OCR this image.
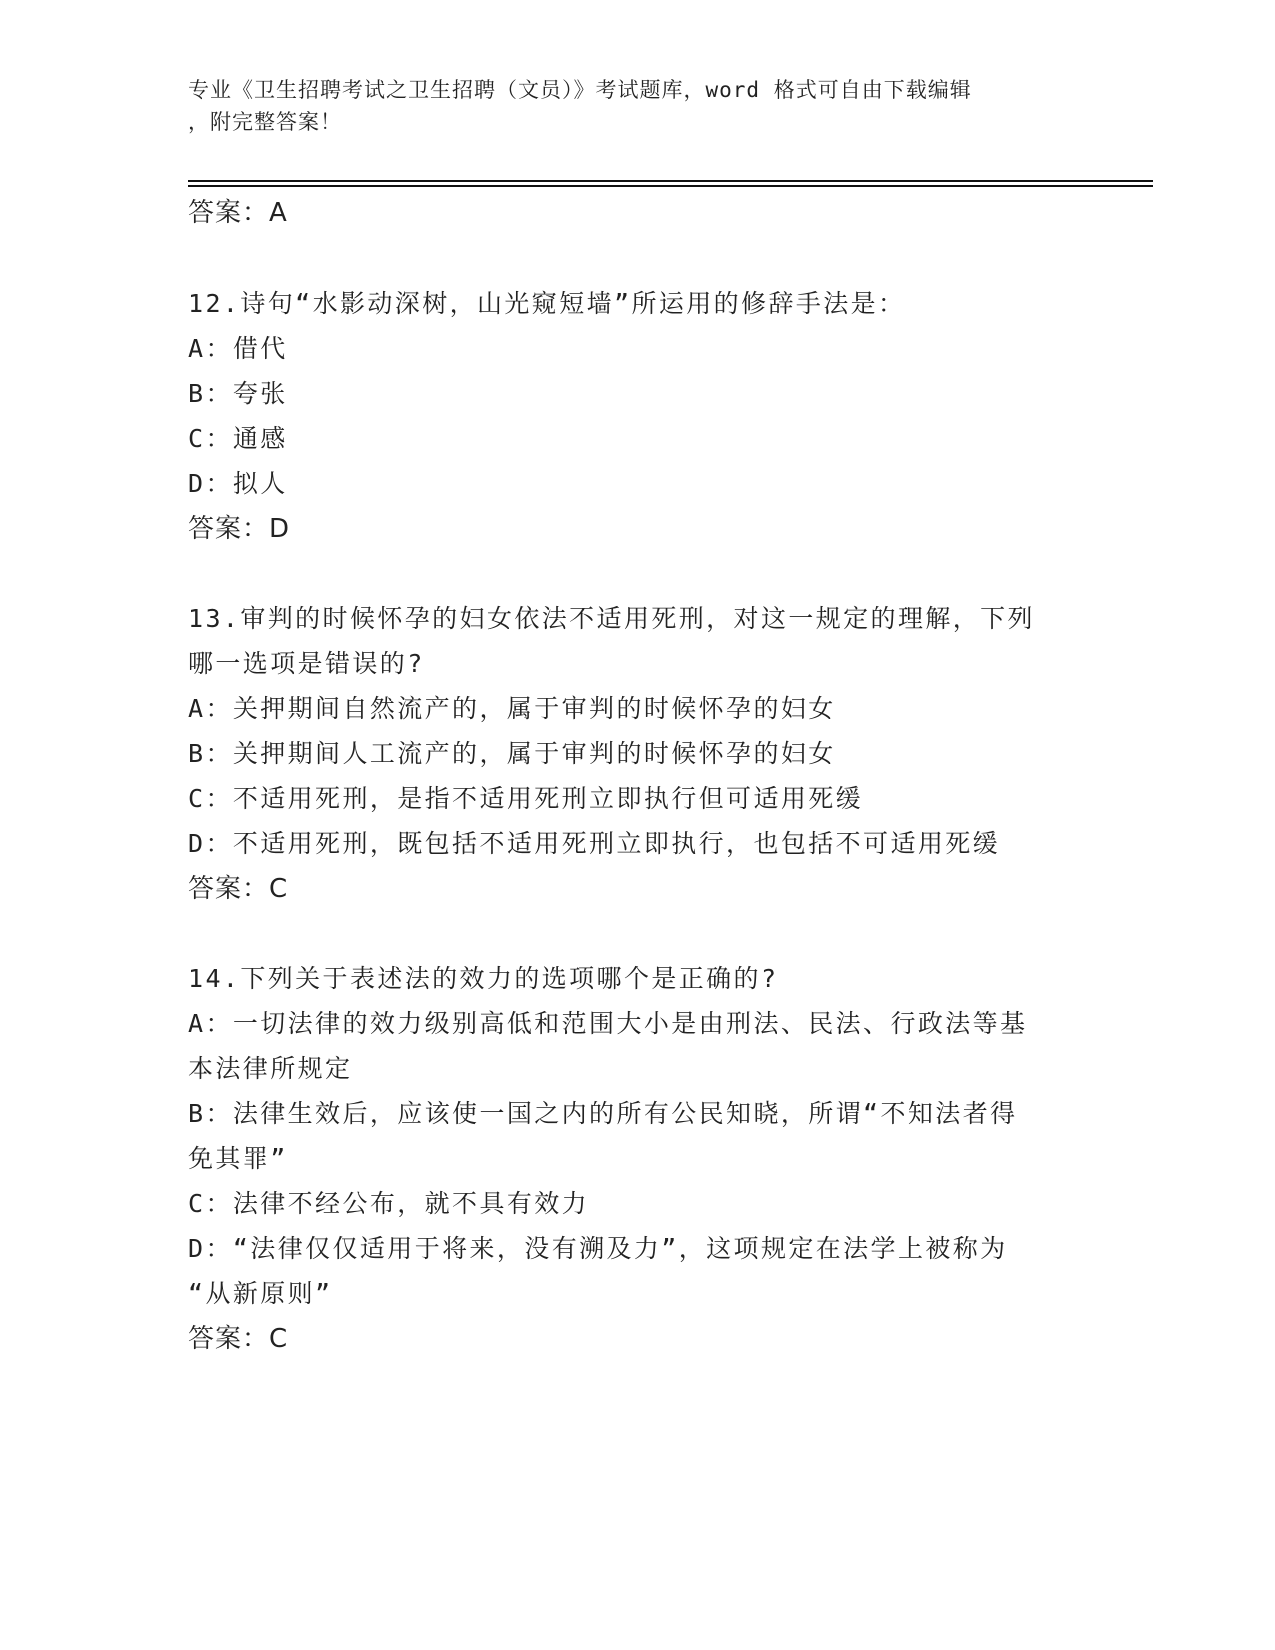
专业《卫生招聘考试之卫生招聘（文员）》考试题库，word 格式可自由下载编辑
，附完整答案！
答案：A
12.诗句“水影动深树，山光窥短墙”所运用的修辞手法是：
A：借代
B：夸张
C：通感
D：拟人
答案：D
13.审判的时候怀孕的妇女依法不适用死刑，对这一规定的理解，下列
哪一选项是错误的?
A：关押期间自然流产的，属于审判的时候怀孕的妇女
B：关押期间人工流产的，属于审判的时候怀孕的妇女
C：不适用死刑，是指不适用死刑立即执行但可适用死缓
D：不适用死刑，既包括不适用死刑立即执行，也包括不可适用死缓
答案：C
14.下列关于表述法的效力的选项哪个是正确的?
A：一切法律的效力级别高低和范围大小是由刑法、民法、行政法等基
本法律所规定
B：法律生效后，应该使一国之内的所有公民知晓，所谓“不知法者得
免其罪”
C：法律不经公布，就不具有效力
D：“法律仅仅适用于将来，没有溯及力”，这项规定在法学上被称为
“从新原则”
答案：C
